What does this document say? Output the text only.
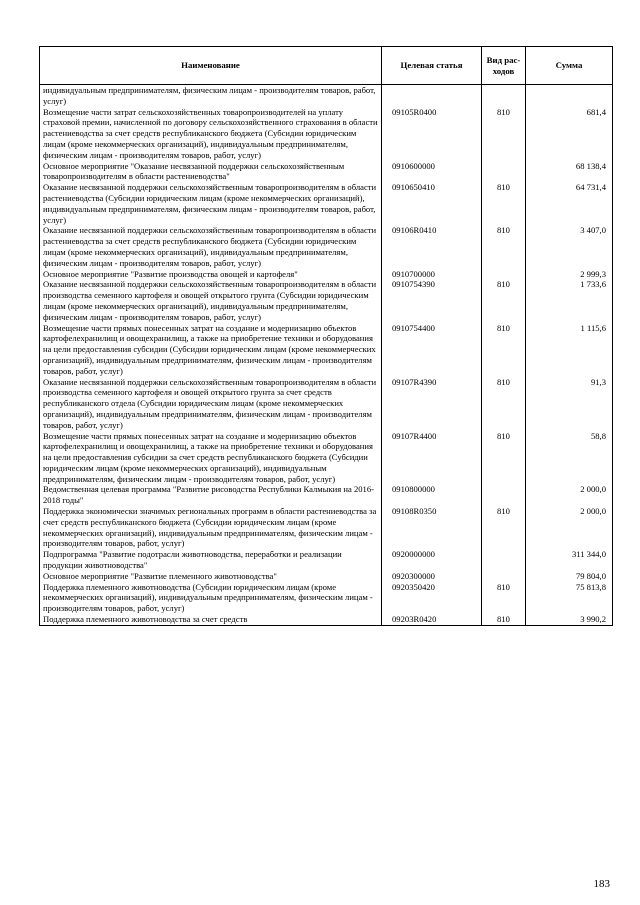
Наименование	Целевая статья	Вид рас-ходов	Сумма
индивидуальным предпринимателям, физическим лицам - производителям товаров, работ, услуг)			
Возмещение части затрат сельскохозяйственных товаропроизводителей на уплату страховой премии, начисленной по договору сельскохозяйственного страхования в области растениеводства за счет средств республиканского бюджета (Субсидии юридическим лицам (кроме некоммерческих организаций), индивидуальным предпринимателям, физическим лицам - производителям товаров, работ, услуг)	09105R0400	810	681,4
Основное мероприятие "Оказание несвязанной поддержки сельскохозяйственным товаропроизводителям в области растениеводства"	0910600000		68 138,4
Оказание несвязанной поддержки сельскохозяйственным товаропроизводителям в области растениеводства (Субсидии юридическим лицам (кроме некоммерческих организаций), индивидуальным предпринимателям, физическим лицам - производителям товаров, работ, услуг)	0910650410	810	64 731,4
Оказание несвязанной поддержки сельскохозяйственным товаропроизводителям в области растениеводства за счет средств республиканского бюджета (Субсидии юридическим лицам (кроме некоммерческих организаций), индивидуальным предпринимателям, физическим лицам - производителям товаров, работ, услуг)	09106R0410	810	3 407,0
Основное мероприятие "Развитие производства овощей и картофеля"	0910700000		2 999,3
Оказание несвязанной поддержки сельскохозяйственным товаропроизводителям в области производства семенного картофеля и овощей открытого грунта (Субсидии юридическим лицам (кроме некоммерческих организаций), индивидуальным предпринимателям, физическим лицам - производителям товаров, работ, услуг)	0910754390	810	1 733,6
Возмещение части прямых понесенных затрат на создание и модернизацию объектов картофелехранилищ и овощехранилищ, а также на приобретение техники и оборудования на цели предоставления субсидии (Субсидии юридическим лицам (кроме некоммерческих организаций), индивидуальным предпринимателям, физическим лицам - производителям товаров, работ, услуг)	0910754400	810	1 115,6
Оказание несвязанной поддержки сельскохозяйственным товаропроизводителям в области производства семенного картофеля и овощей открытого грунта за счет средств республиканского отдела (Субсидии юридическим лицам (кроме некоммерческих организаций), индивидуальным предпринимателям, физическим лицам - производителям товаров, работ, услуг)	09107R4390	810	91,3
Возмещение части прямых понесенных затрат на создание и модернизацию объектов картофелехранилищ и овощехранилищ, а также на приобретение техники и оборудования на цели предоставления субсидии за счет средств республиканского бюджета (Субсидии юридическим лицам (кроме некоммерческих организаций), индивидуальным предпринимателям, физическим лицам - производителям товаров, работ, услуг)	09107R4400	810	58,8
Ведомственная целевая программа "Развитие рисоводства Республики Калмыкия на 2016-2018 годы"	0910800000		2 000,0
Поддержка экономически значимых региональных программ в области растениеводства за счет средств республиканского бюджета (Субсидии юридическим лицам (кроме некоммерческих организаций), индивидуальным предпринимателям, физическим лицам - производителям товаров, работ, услуг)	09108R0350	810	2 000,0
Подпрограмма "Развитие подотрасли животноводства, переработки и реализации продукции животноводства"	0920000000		311 344,0
Основное мероприятие "Развитие племенного животноводства"	0920300000		79 804,0
Поддержка племенного животноводства (Субсидии юридическим лицам (кроме некоммерческих организаций), индивидуальным предпринимателям, физическим лицам - производителям товаров, работ, услуг)	0920350420	810	75 813,8
Поддержка племенного животноводства за счет средств	09203R0420	810	3 990,2
183
